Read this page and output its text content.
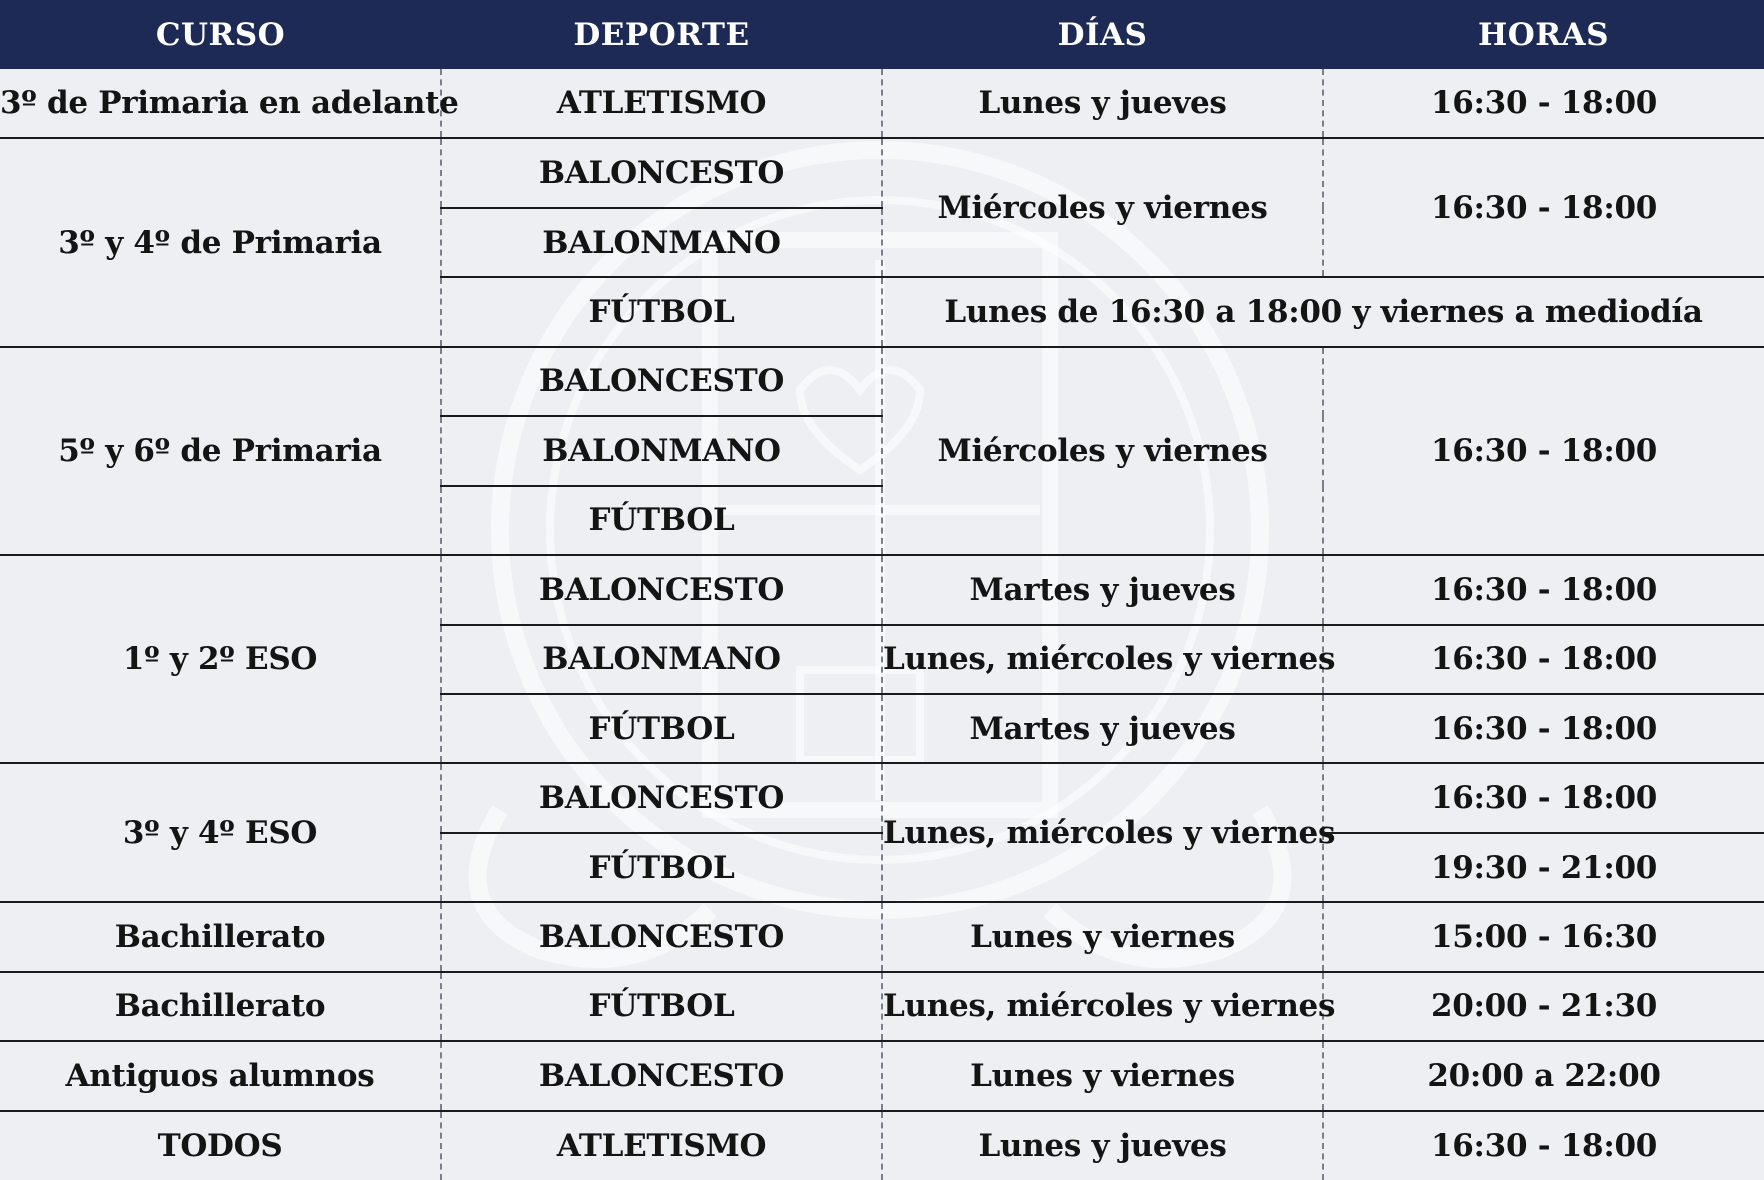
CURSO	DEPORTE	DÍAS	HORAS
3º de Primaria en adelante	ATLETISMO	Lunes y jueves	16:30 - 18:00
3º y 4º de Primaria	BALONCESTO	Miércoles y viernes	16:30 - 18:00
	BALONMANO		
	FÚTBOL	Lunes de 16:30 a 18:00 y viernes a mediodía	
5º y 6º de Primaria	BALONCESTO	Miércoles y viernes	16:30 - 18:00
	BALONMANO		
	FÚTBOL		
1º y 2º ESO	BALONCESTO	Martes y jueves	16:30 - 18:00
	BALONMANO	Lunes, miércoles y viernes	16:30 - 18:00
	FÚTBOL	Martes y jueves	16:30 - 18:00
3º y 4º ESO	BALONCESTO	Lunes, miércoles y viernes	16:30 - 18:00
	FÚTBOL		19:30 - 21:00
Bachillerato	BALONCESTO	Lunes y viernes	15:00 - 16:30
Bachillerato	FÚTBOL	Lunes, miércoles y viernes	20:00 - 21:30
Antiguos alumnos	BALONCESTO	Lunes y viernes	20:00 a 22:00
TODOS	ATLETISMO	Lunes y jueves	16:30 - 18:00
